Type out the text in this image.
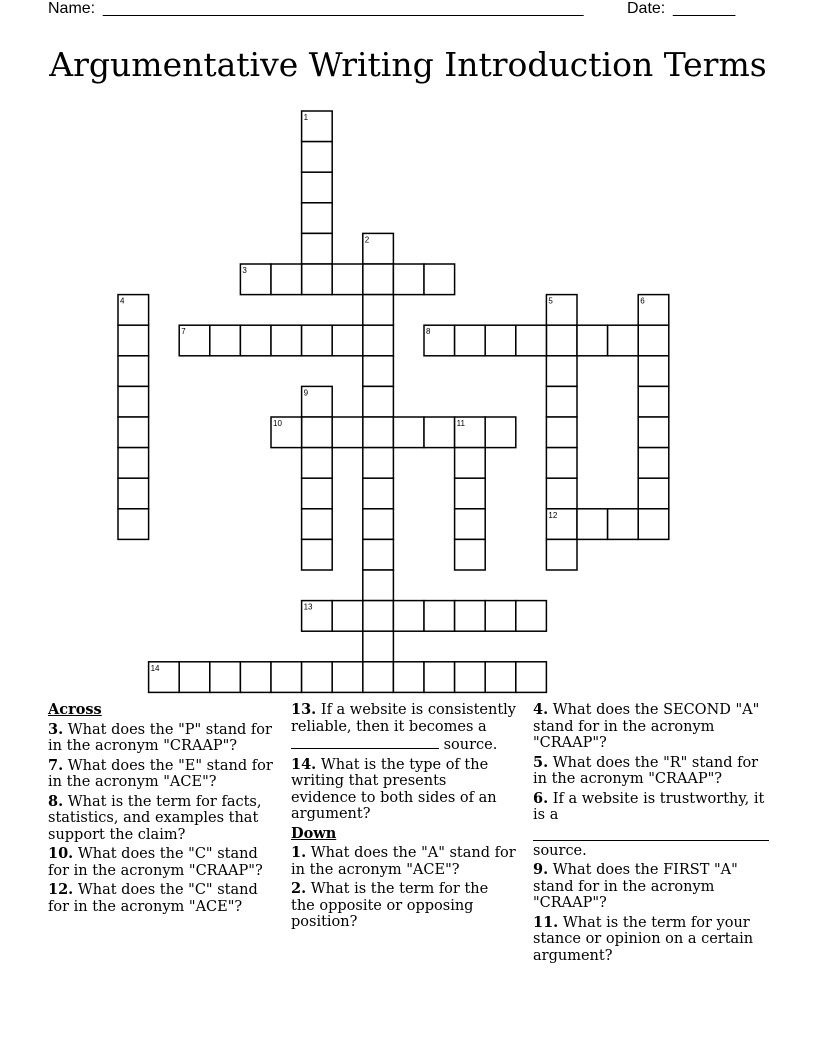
Name: ______________________________________________________	Date: _______
Argumentative Writing Introduction Terms
1
2
3
4	5
12
6
7	8
9
10	11
13
14
Across
3. What does the "P" stand for in the acronym "CRAAP"?
7. What does the "E" stand for in the acronym "ACE"?
8. What is the term for facts, statistics, and examples that support the claim?
10. What does the "C" stand for in the acronym "CRAAP"?
12. What does the "C" stand for in the acronym "ACE"?
13. If a website is consistently reliable, then it becomes a  source.
14. What is the type of the writing that presents evidence to both sides of an argument?
Down
1. What does the "A" stand for in the acronym "ACE"?
2. What is the term for the the opposite or opposing position?
4. What does the SECOND "A" stand for in the acronym "CRAAP"?
5. What does the "R" stand for in the acronym "CRAAP"?
6. If a website is trustworthy, it is a
source.
9. What does the FIRST "A" stand for in the acronym "CRAAP"?
11. What is the term for your stance or opinion on a certain argument?
